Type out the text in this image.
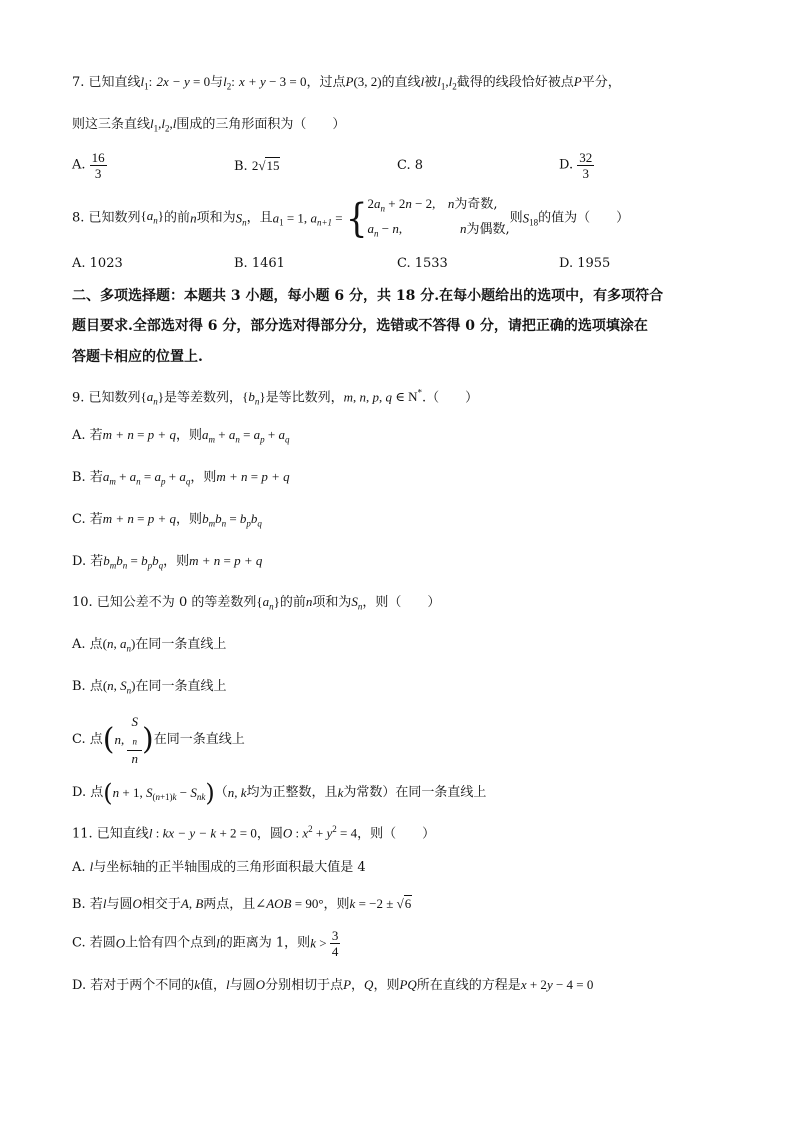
7. 已知直线$l_1$: 2x − y = 0与$l_2$: x + y − 3 = 0，过点P(3, 2)的直线l被$l_1,l_2$截得的线段恰好被点P平分，
则这三条直线$l_1,l_2,l$围成的三角形面积为（　　）
A. $\frac{16}{3}$	B. 2√15	C. 8	D. $\frac{32}{3}$
8. 已知数列$\{a_n\}$的前n项和为$S_n$，且$a_1 = 1$, $a_{n+1}$ = { $2a_n + 2n - 2$, n为奇数,
$a_n - n$,	n为偶数,
则$S_{18}$的值为（　　）
A. 1023	B. 1461	C. 1533	D. 1955
二、多项选择题：本题共 3 小题，每小题 6 分，共 18 分.在每小题给出的选项中，有多项符合
题目要求.全部选对得 6 分，部分选对得部分分，选错或不答得 0 分，请把正确的选项填涂在
答题卡相应的位置上.
9. 已知数列$\{a_n\}$是等差数列，$\{b_n\}$是等比数列，m, n, p, q ∈ N*.（　　）
A. 若m + n = p + q，则$a_m + a_n = a_p + a_q$
B. 若$a_m + a_n = a_p + a_q$，则m + n = p + q
C. 若m + n = p + q，则$b_mb_n = b_pb_q$
D. 若$b_mb_n = b_pb_q$，则m + n = p + q
10. 已知公差不为 0 的等差数列$\{a_n\}$的前n项和为$S_n$，则（　　）
A. 点(n, $a_n$)在同一条直线上
B. 点(n, $S_n$)在同一条直线上
C. 点(n, S
$_n$
n )在同一条直线上
D. 点(n + 1, $S_{(n+1)k} - S_{nk})(n$, k均为正整数，且k为常数）在同一条直线上
11. 已知直线l : kx − y − k + 2 = 0，圆O : $x^2 + y^2 = 4$，则（　　）
A. l与坐标轴的正半轴围成的三角形面积最大值是 4
B. 若l与圆O相交于A, B两点，且∠AOB = 90°，则k = −2 ± √6
C. 若圆O上恰有四个点到l的距离为 1，则$k > \frac{3}{4}$
D. 若对于两个不同的k值，l与圆O分别相切于点P，Q，则PQ所在直线的方程是x + 2y − 4 = 0
